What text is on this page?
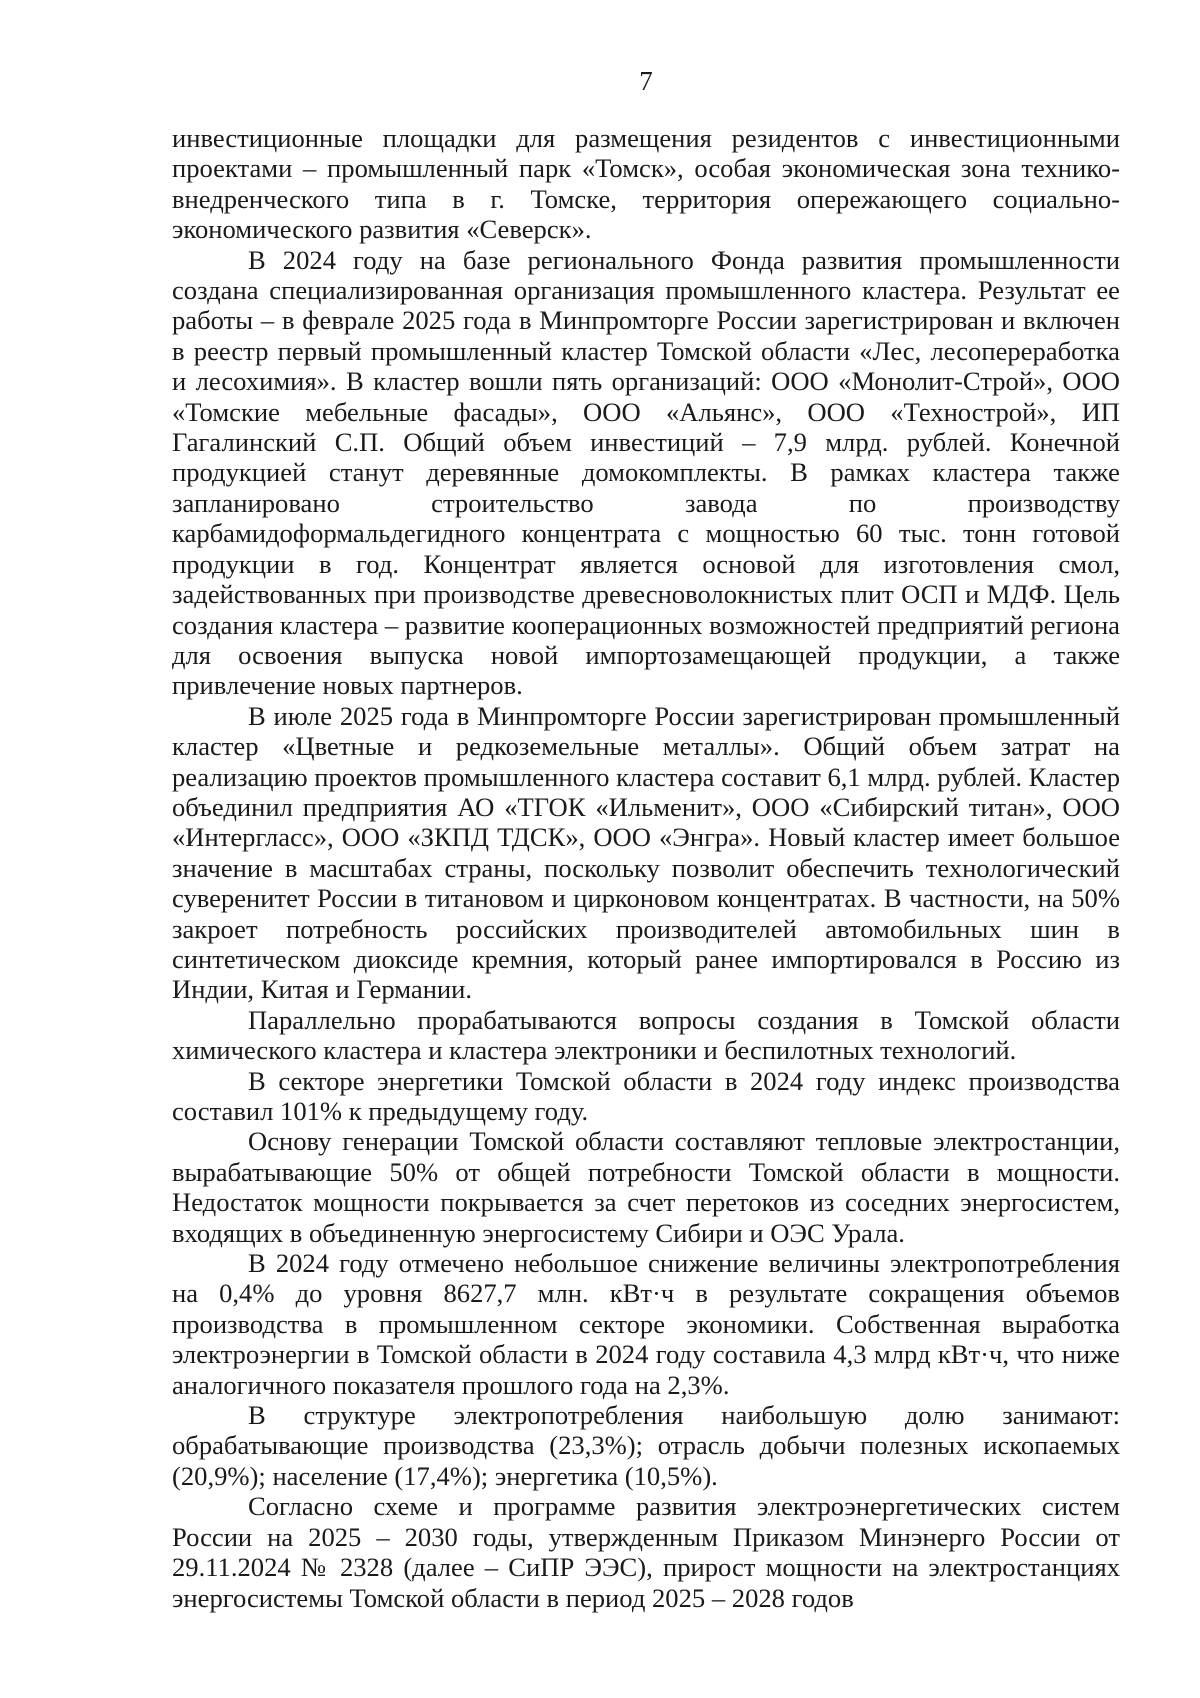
7

инвестиционные площадки для размещения резидентов с инвестиционными проектами – промышленный парк «Томск», особая экономическая зона технико-внедренческого типа в г. Томске, территория опережающего социально-экономического развития «Северск».

В 2024 году на базе регионального Фонда развития промышленности создана специализированная организация промышленного кластера. Результат ее работы – в феврале 2025 года в Минпромторге России зарегистрирован и включен в реестр первый промышленный кластер Томской области «Лес, лесопереработка и лесохимия». В кластер вошли пять организаций: ООО «Монолит-Строй», ООО «Томские мебельные фасады», ООО «Альянс», ООО «Технострой», ИП Гагалинский С.П. Общий объем инвестиций – 7,9 млрд. рублей. Конечной продукцией станут деревянные домокомплекты. В рамках кластера также запланировано строительство завода по производству карбамидоформальдегидного концентрата с мощностью 60 тыс. тонн готовой продукции в год. Концентрат является основой для изготовления смол, задействованных при производстве древесноволокнистых плит ОСП и МДФ. Цель создания кластера – развитие кооперационных возможностей предприятий региона для освоения выпуска новой импортозамещающей продукции, а также привлечение новых партнеров.

В июле 2025 года в Минпромторге России зарегистрирован промышленный кластер «Цветные и редкоземельные металлы». Общий объем затрат на реализацию проектов промышленного кластера составит 6,1 млрд. рублей. Кластер объединил предприятия АО «ТГОК «Ильменит», ООО «Сибирский титан», ООО «Интергласс», ООО «ЗКПД ТДСК», ООО «Энгра». Новый кластер имеет большое значение в масштабах страны, поскольку позволит обеспечить технологический суверенитет России в титановом и цирконовом концентратах. В частности, на 50% закроет потребность российских производителей автомобильных шин в синтетическом диоксиде кремния, который ранее импортировался в Россию из Индии, Китая и Германии.

Параллельно прорабатываются вопросы создания в Томской области химического кластера и кластера электроники и беспилотных технологий.

В секторе энергетики Томской области в 2024 году индекс производства составил 101% к предыдущему году.

Основу генерации Томской области составляют тепловые электростанции, вырабатывающие 50% от общей потребности Томской области в мощности. Недостаток мощности покрывается за счет перетоков из соседних энергосистем, входящих в объединенную энергосистему Сибири и ОЭС Урала.

В 2024 году отмечено небольшое снижение величины электропотребления на 0,4% до уровня 8627,7 млн. кВт·ч в результате сокращения объемов производства в промышленном секторе экономики. Собственная выработка электроэнергии в Томской области в 2024 году составила 4,3 млрд кВт·ч, что ниже аналогичного показателя прошлого года на 2,3%.

В структуре электропотребления наибольшую долю занимают: обрабатывающие производства (23,3%); отрасль добычи полезных ископаемых (20,9%); население (17,4%); энергетика (10,5%).

Согласно схеме и программе развития электроэнергетических систем России на 2025 – 2030 годы, утвержденным Приказом Минэнерго России от 29.11.2024 № 2328 (далее – СиПР ЭЭС), прирост мощности на электростанциях энергосистемы Томской области в период 2025 – 2028 годов
